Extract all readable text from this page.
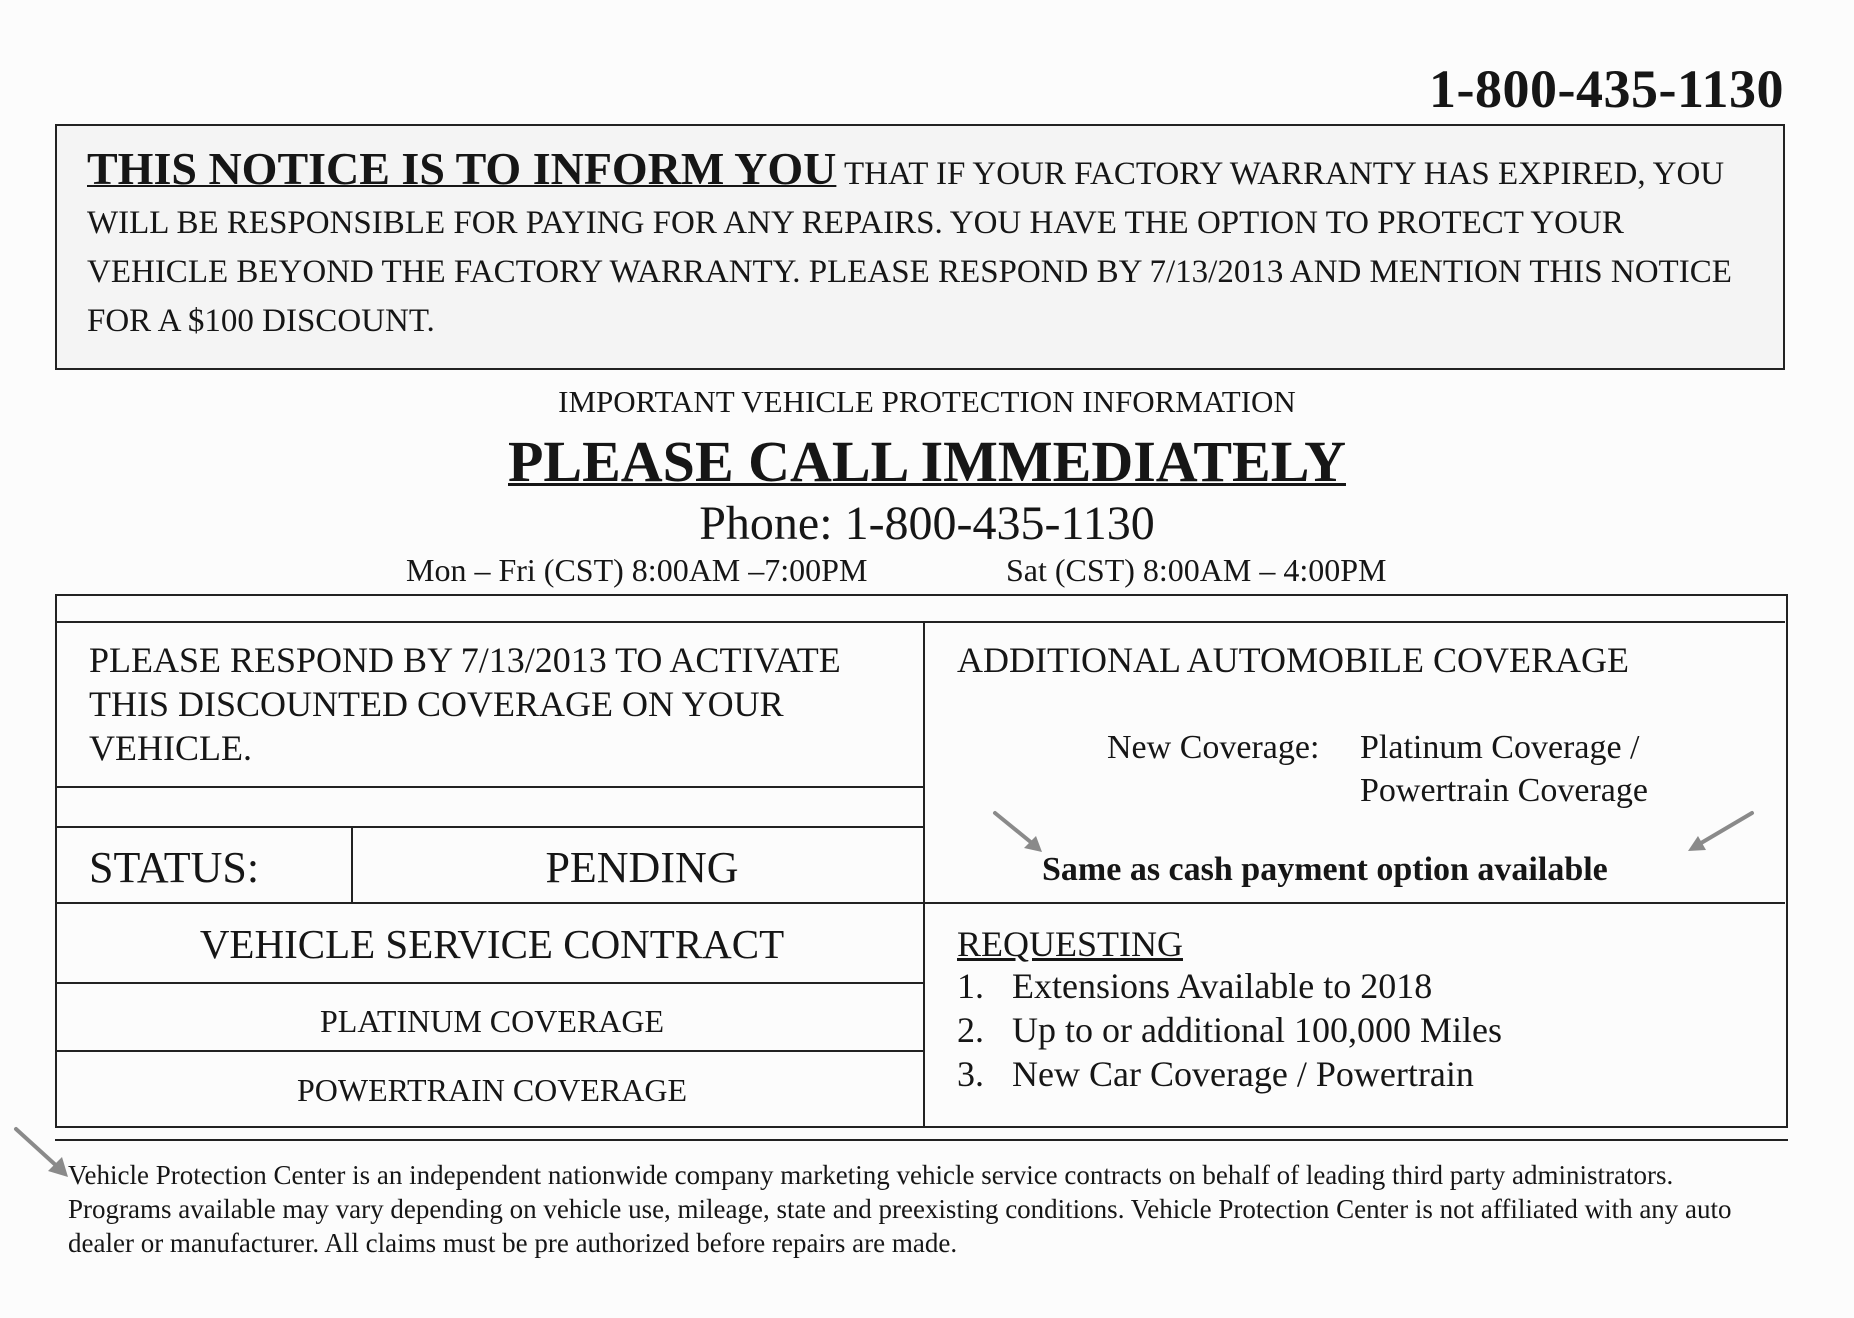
1-800-435-1130
THIS NOTICE IS TO INFORM YOU THAT IF YOUR FACTORY WARRANTY HAS EXPIRED, YOU WILL BE RESPONSIBLE FOR PAYING FOR ANY REPAIRS. YOU HAVE THE OPTION TO PROTECT YOUR VEHICLE BEYOND THE FACTORY WARRANTY. PLEASE RESPOND BY 7/13/2013 AND MENTION THIS NOTICE FOR A $100 DISCOUNT.
IMPORTANT VEHICLE PROTECTION INFORMATION
PLEASE CALL IMMEDIATELY
Phone: 1-800-435-1130
Mon – Fri (CST) 8:00AM –7:00PM	Sat (CST) 8:00AM – 4:00PM
PLEASE RESPOND BY 7/13/2013 TO ACTIVATE THIS DISCOUNTED COVERAGE ON YOUR VEHICLE.
STATUS:	PENDING
VEHICLE SERVICE CONTRACT
PLATINUM COVERAGE
POWERTRAIN COVERAGE
ADDITIONAL AUTOMOBILE COVERAGE
New Coverage: Platinum Coverage /
Powertrain Coverage
Same as cash payment option available
REQUESTING
1. Extensions Available to 2018
2. Up to or additional 100,000 Miles
3. New Car Coverage / Powertrain
Vehicle Protection Center is an independent nationwide company marketing vehicle service contracts on behalf of leading third party administrators. Programs available may vary depending on vehicle use, mileage, state and preexisting conditions. Vehicle Protection Center is not affiliated with any auto dealer or manufacturer. All claims must be pre authorized before repairs are made.
